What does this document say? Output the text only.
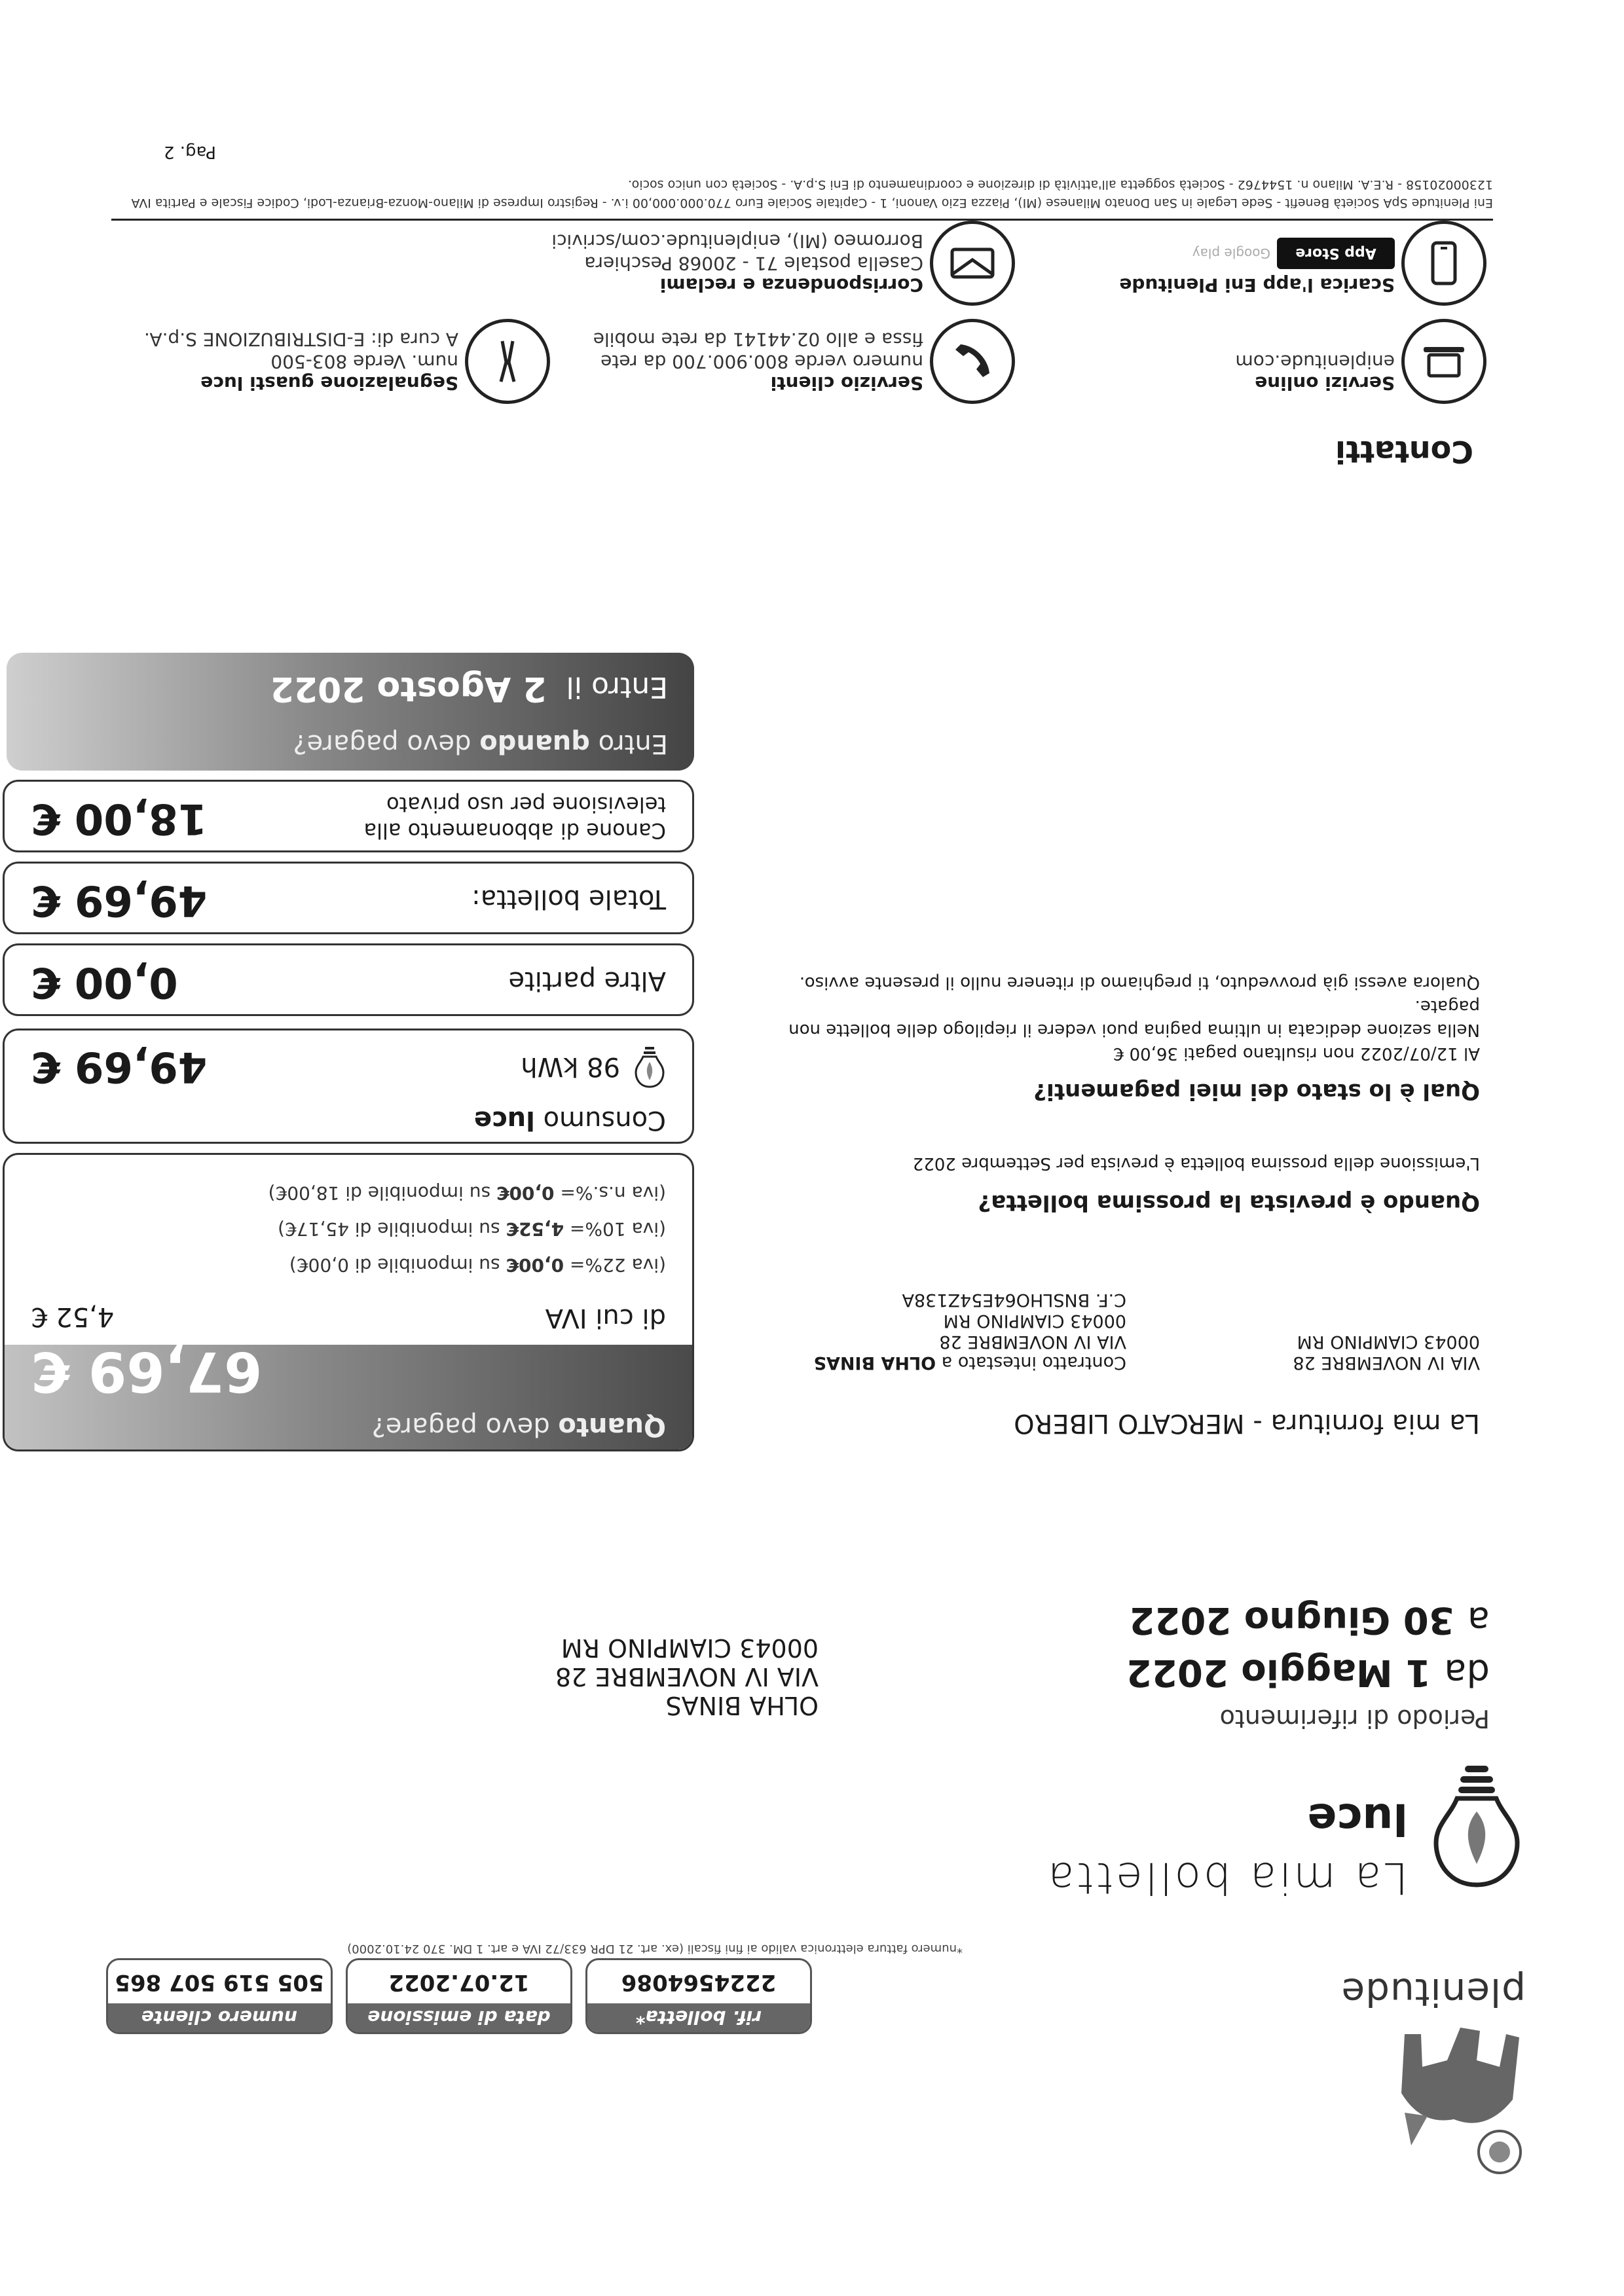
plenitude
rif. bolletta*
2224564086
data di emissione
12.07.2022
numero cliente
505 519 507 865
*numero fattura elettronica valido ai fini fiscali (ex. art. 21 DPR 633/72 IVA e art. 1 DM. 370 24.10.2000)
La mia bolletta
luce
Periodo di riferimento
da1 Maggio 2022
a30 Giugno 2022
OLHA BINAS
VIA IV NOVEMBRE 28
00043 CIAMPINO RM
La mia fornitura - MERCATO LIBERO
VIA IV NOVEMBRE 28
00043 CIAMPINO RM
Contratto intestato a OLHA BINAS
VIA IV NOVEMBRE 28
00043 CIAMPINO RM
C.F. BNSLHO64E54Z138A
Quando è prevista la prossima bolletta?
L'emissione della prossima bolletta è prevista per Settembre 2022
Qual è lo stato dei miei pagamenti?
Al 12/07/2022 non risultano pagati 36,00 €
Nella sezione dedicata in ultima pagina puoi vedere il riepilogo delle bollette non pagate.
Qualora avessi già provveduto, ti preghiamo di ritenere nullo il presente avviso.
Quanto devo pagare?
67,69 €
di cui IVA
4,52 €
(iva 22%= 0,00€ su imponibile di 0,00€)
(iva 10%= 4,52€ su imponibile di 45,17€)
(iva n.s.%= 0,00€ su imponibile di 18,00€)
Consumo luce
98 kWh
49,69 €
Altre partite
0,00 €
Totale bolletta:
49,69 €
Canone di abbonamento alla
televisione per uso privato
18,00 €
Entro quando devo pagare?
Entro il 2 Agosto 2022
Contatti
Servizi online
eniplenitude.com
Servizio clienti
numero verde 800.900.700 da rete
fissa e allo 02.44141 da rete mobile
Segnalazione guasti luce
num. Verde 803-500
A cura di: E-DISTRIBUZIONE S.p.A.
Scarica l'app Eni Plenitude
App Store
Google play
Corrispondenza e reclami
Casella postale 71 - 20068 Peschiera
Borromeo (MI), eniplenitude.com/scrivici
Eni Plenitude SpA Società Benefit - Sede Legale in San Donato Milanese (MI), Piazza Ezio Vanoni, 1 - Capitale Sociale Euro 770.000.000,00 i.v. - Registro Imprese di Milano-Monza-Brianza-Lodi, Codice Fiscale e Partita IVA 12300020158 - R.E.A. Milano n. 1544762 - Società soggetta all'attività di direzione e coordinamento di Eni S.p.A. - Società con unico socio.
Pag. 2
